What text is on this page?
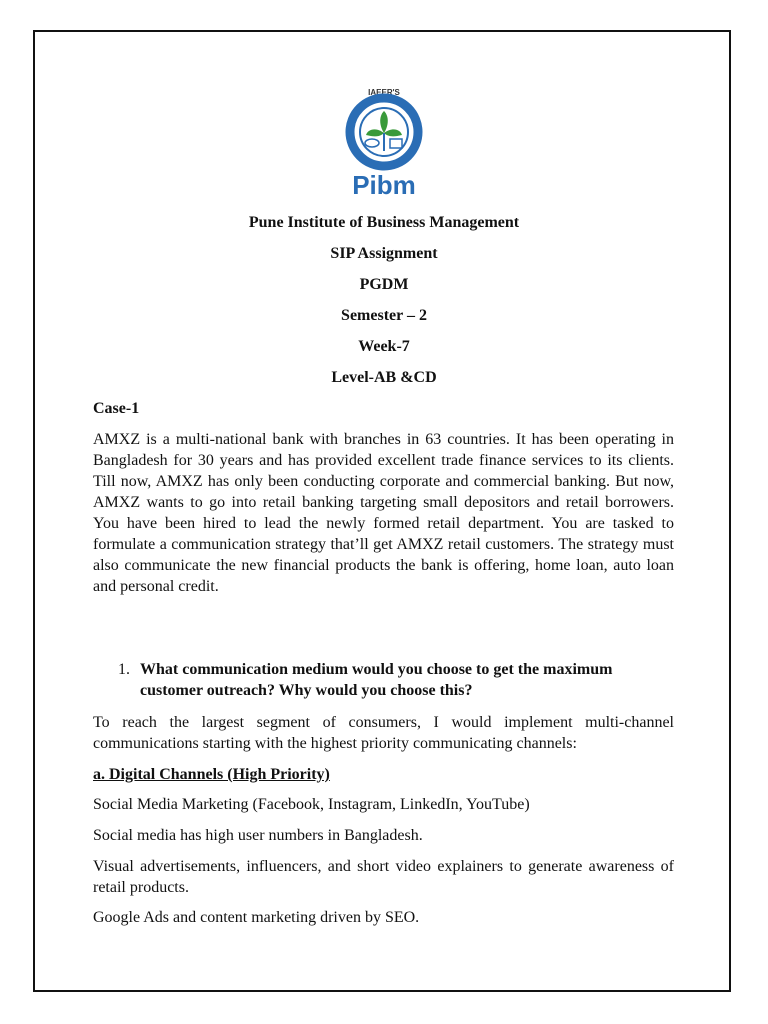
IAEER'S
Pibm
Pune Institute of Business Management
SIP Assignment
PGDM
Semester – 2
Week-7
Level-AB &CD
Case-1
AMXZ is a multi-national bank with branches in 63 countries. It has been operating in Bangladesh for 30 years and has provided excellent trade finance services to its clients. Till now, AMXZ has only been conducting corporate and commercial banking. But now, AMXZ wants to go into retail banking targeting small depositors and retail borrowers. You have been hired to lead the newly formed retail department. You are tasked to formulate a communication strategy that’ll get AMXZ retail customers. The strategy must also communicate the new financial products the bank is offering, home loan, auto loan and personal credit.
1. What communication medium would you choose to get the maximum customer outreach? Why would you choose this?
To reach the largest segment of consumers, I would implement multi-channel communications starting with the highest priority communicating channels:
a. Digital Channels (High Priority)
Social Media Marketing (Facebook, Instagram, LinkedIn, YouTube)
Social media has high user numbers in Bangladesh.
Visual advertisements, influencers, and short video explainers to generate awareness of retail products.
Google Ads and content marketing driven by SEO.
